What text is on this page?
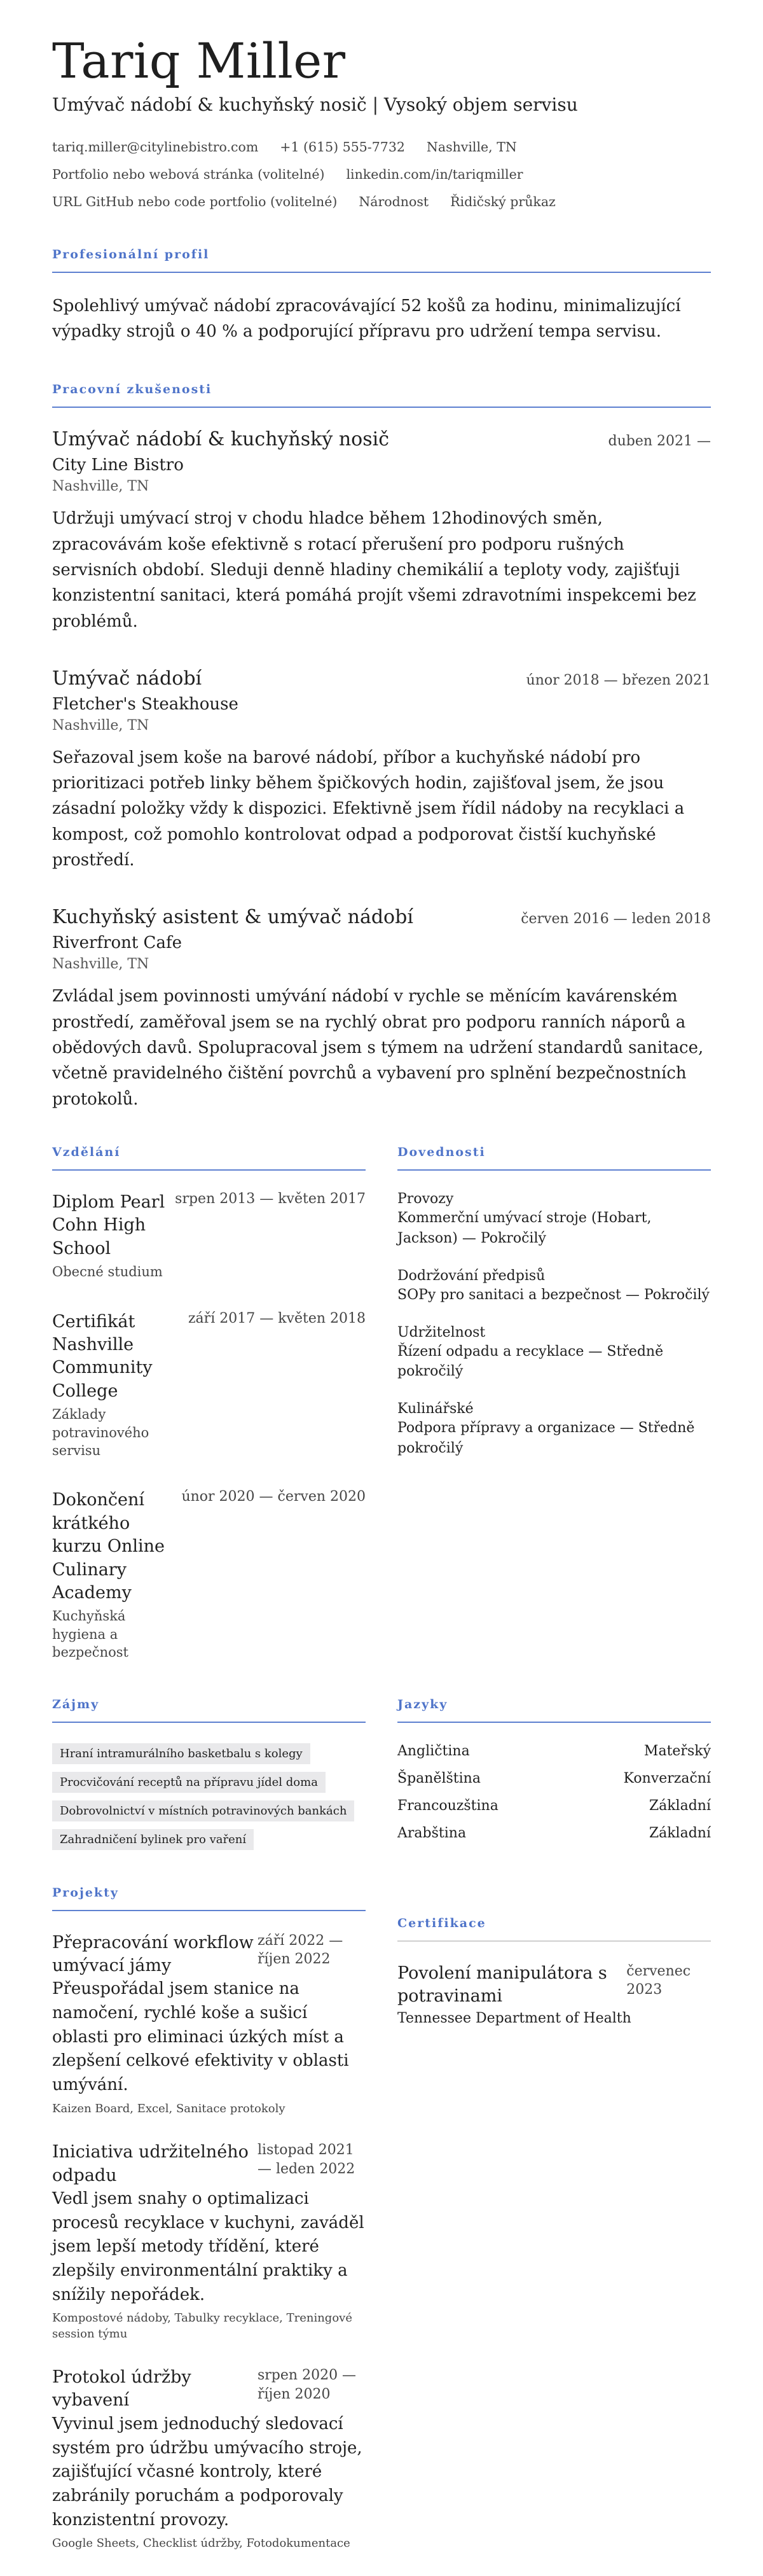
Tariq Miller
Umývač nádobí & kuchyňský nosič | Vysoký objem servisu
tariq.miller@citylinebistro.com +1 (615) 555-7732 Nashville, TN
Portfolio nebo webová stránka (volitelné) linkedin.com/in/tariqmiller
URL GitHub nebo code portfolio (volitelné) Národnost Řidičský průkaz
Profesionální profil
Spolehlivý umývač nádobí zpracovávající 52 košů za hodinu, minimalizující výpadky strojů o 40 % a podporující přípravu pro udržení tempa servisu.
Pracovní zkušenosti
Umývač nádobí & kuchyňský nosič	duben 2021 —
City Line Bistro
Nashville, TN
Udržuji umývací stroj v chodu hladce během 12hodinových směn, zpracovávám koše efektivně s rotací přerušení pro podporu rušných servisních období. Sleduji denně hladiny chemikálií a teploty vody, zajišťuji konzistentní sanitaci, která pomáhá projít všemi zdravotními inspekcemi bez problémů.
Umývač nádobí	únor 2018 — březen 2021
Fletcher's Steakhouse
Nashville, TN
Seřazoval jsem koše na barové nádobí, příbor a kuchyňské nádobí pro prioritizaci potřeb linky během špičkových hodin, zajišťoval jsem, že jsou zásadní položky vždy k dispozici. Efektivně jsem řídil nádoby na recyklaci a kompost, což pomohlo kontrolovat odpad a podporovat čistší kuchyňské prostředí.
Kuchyňský asistent & umývač nádobí	červen 2016 — leden 2018
Riverfront Cafe
Nashville, TN
Zvládal jsem povinnosti umývání nádobí v rychle se měnícím kavárenském prostředí, zaměřoval jsem se na rychlý obrat pro podporu ranních náporů a obědových davů. Spolupracoval jsem s týmem na udržení standardů sanitace, včetně pravidelného čištění povrchů a vybavení pro splnění bezpečnostních protokolů.
Vzdělání
Diplom Pearl Cohn High School
Obecné studium
srpen 2013 — květen 2017
Certifikát Nashville Community College
Základy potravinového servisu
září 2017 — květen 2018
Dokončení krátkého kurzu Online Culinary Academy
Kuchyňská hygiena a bezpečnost
únor 2020 — červen 2020
Dovednosti
Provozy
Kommerční umývací stroje (Hobart, Jackson) — Pokročilý
Dodržování předpisů
SOPy pro sanitaci a bezpečnost — Pokročilý
Udržitelnost
Řízení odpadu a recyklace — Středně pokročilý
Kulinářské
Podpora přípravy a organizace — Středně pokročilý
Zájmy
Hraní intramurálního basketbalu s kolegy
Procvičování receptů na přípravu jídel doma
Dobrovolnictví v místních potravinových bankách
Zahradničení bylinek pro vaření
Jazyky
Angličtina	Mateřský
Španělština	Konverzační
Francouzština	Základní
Arabština	Základní
Projekty
Přepracování workflow umývací jámy
září 2022 — říjen 2022
Přeuspořádal jsem stanice na namočení, rychlé koše a sušicí oblasti pro eliminaci úzkých míst a zlepšení celkové efektivity v oblasti umývání.
Kaizen Board, Excel, Sanitace protokoly
Iniciativa udržitelného odpadu
listopad 2021 — leden 2022
Vedl jsem snahy o optimalizaci procesů recyklace v kuchyni, zaváděl jsem lepší metody třídění, které zlepšily environmentální praktiky a snížily nepořádek.
Kompostové nádoby, Tabulky recyklace, Treningové session týmu
Protokol údržby vybavení
srpen 2020 — říjen 2020
Vyvinul jsem jednoduchý sledovací systém pro údržbu umývacího stroje, zajišťující včasné kontroly, které zabránily poruchám a podporovaly konzistentní provozy.
Google Sheets, Checklist údržby, Fotodokumentace
Certifikace
Povolení manipulátora s potravinami
červenec 2023
Tennessee Department of Health
